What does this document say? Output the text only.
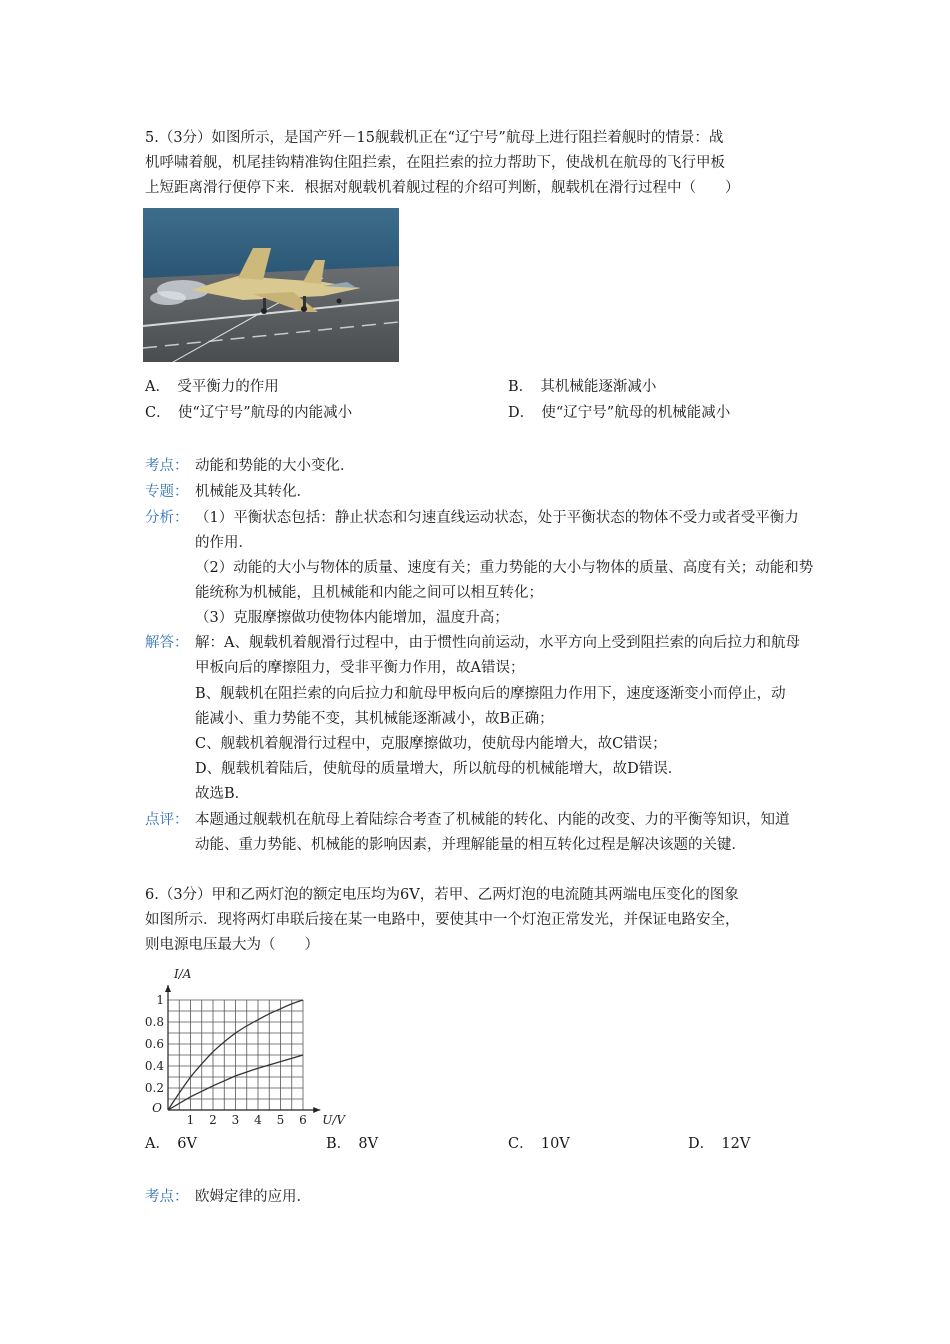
5.（3分）如图所示，是国产歼－15舰载机正在“辽宁号”航母上进行阻拦着舰时的情景：战
机呼啸着舰，机尾挂钩精准钩住阻拦索，在阻拦索的拉力帮助下，使战机在航母的飞行甲板
上短距离滑行便停下来．根据对舰载机着舰过程的介绍可判断，舰载机在滑行过程中（　　）
A．　受平衡力的作用	B．　其机械能逐渐减小
C．　使“辽宁号”航母的内能减小	D．　使“辽宁号”航母的机械能减小
考点： 动能和势能的大小变化．
专题： 机械能及其转化．
分析： （1）平衡状态包括：静止状态和匀速直线运动状态，处于平衡状态的物体不受力或者受平衡力
的作用．
（2）动能的大小与物体的质量、速度有关；重力势能的大小与物体的质量、高度有关；动能和势
能统称为机械能，且机械能和内能之间可以相互转化；
（3）克服摩擦做功使物体内能增加，温度升高；
解答： 解：A、舰载机着舰滑行过程中，由于惯性向前运动，水平方向上受到阻拦索的向后拉力和航母
甲板向后的摩擦阻力，受非平衡力作用，故A错误；
B、舰载机在阻拦索的向后拉力和航母甲板向后的摩擦阻力作用下，速度逐渐变小而停止，动
能减小、重力势能不变，其机械能逐渐减小，故B正确；
C、舰载机着舰滑行过程中，克服摩擦做功，使航母内能增大，故C错误；
D、舰载机着陆后，使航母的质量增大，所以航母的机械能增大，故D错误．
故选B．
点评： 本题通过舰载机在航母上着陆综合考查了机械能的转化、内能的改变、力的平衡等知识，知道
动能、重力势能、机械能的影响因素，并理解能量的相互转化过程是解决该题的关键．
6.（3分）甲和乙两灯泡的额定电压均为6V，若甲、乙两灯泡的电流随其两端电压变化的图象
如图所示．现将两灯串联后接在某一电路中，要使其中一个灯泡正常发光，并保证电路安全，
则电源电压最大为（　　）
1 2 3 4 5 6
0.2
0.4
0.6
0.8
1
O
U/V
I/A
A．　6V	B．　8V	C．　10V	D．　12V
考点： 欧姆定律的应用．
